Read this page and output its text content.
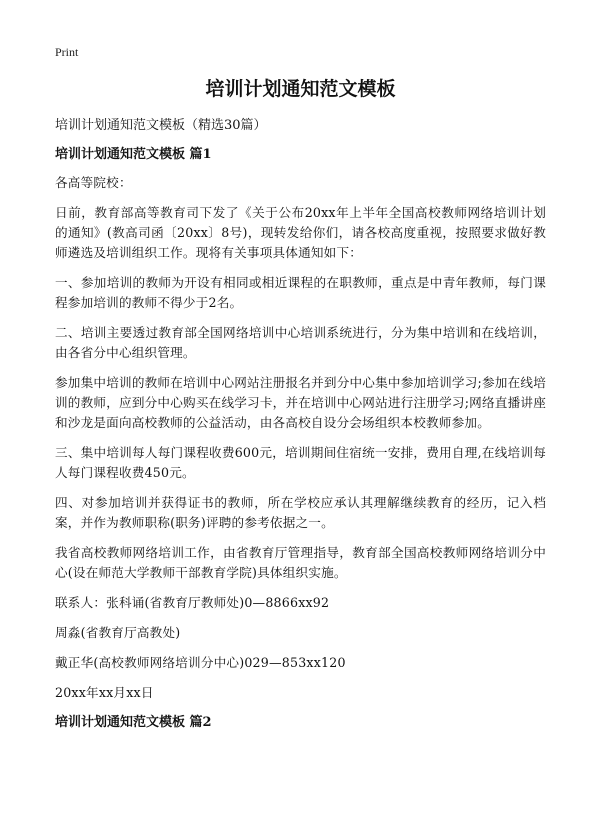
Print
培训计划通知范文模板
培训计划通知范文模板（精选30篇）
培训计划通知范文模板 篇1
各高等院校：
日前，教育部高等教育司下发了《关于公布20xx年上半年全国高校教师网络培训计划的通知》(教高司函〔20xx〕8号)，现转发给你们，请各校高度重视，按照要求做好教师遴选及培训组织工作。现将有关事项具体通知如下：
一、参加培训的教师为开设有相同或相近课程的在职教师，重点是中青年教师，每门课程参加培训的教师不得少于2名。
二、培训主要透过教育部全国网络培训中心培训系统进行，分为集中培训和在线培训，由各省分中心组织管理。
参加集中培训的教师在培训中心网站注册报名并到分中心集中参加培训学习;参加在线培训的教师，应到分中心购买在线学习卡，并在培训中心网站进行注册学习;网络直播讲座和沙龙是面向高校教师的公益活动，由各高校自设分会场组织本校教师参加。
三、集中培训每人每门课程收费600元，培训期间住宿统一安排，费用自理,在线培训每人每门课程收费450元。
四、对参加培训并获得证书的教师，所在学校应承认其理解继续教育的经历，记入档案，并作为教师职称(职务)评聘的参考依据之一。
我省高校教师网络培训工作，由省教育厅管理指导，教育部全国高校教师网络培训分中心(设在师范大学教师干部教育学院)具体组织实施。
联系人：张科诵(省教育厅教师处)0—8866xx92
周淼(省教育厅高教处)
戴正华(高校教师网络培训分中心)029—853xx120
20xx年xx月xx日
培训计划通知范文模板 篇2
